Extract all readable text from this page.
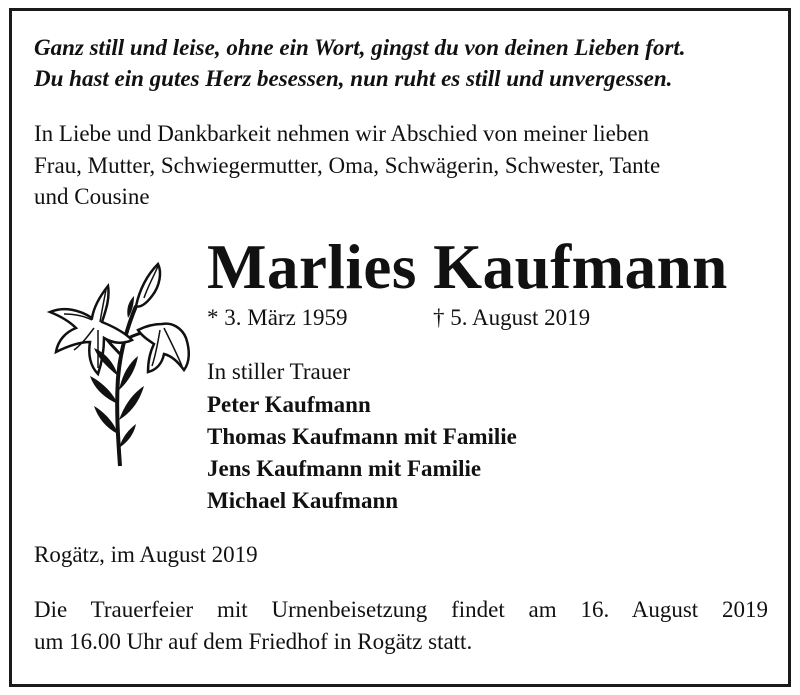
Ganz still und leise, ohne ein Wort, gingst du von deinen Lieben fort.
Du hast ein gutes Herz besessen, nun ruht es still und unvergessen.
In Liebe und Dankbarkeit nehmen wir Abschied von meiner lieben
Frau, Mutter, Schwiegermutter, Oma, Schwägerin, Schwester, Tante
und Cousine
Marlies Kaufmann
* 3. März 1959	† 5. August 2019
In stiller Trauer
Peter Kaufmann
Thomas Kaufmann mit Familie
Jens Kaufmann mit Familie
Michael Kaufmann
Rogätz, im August 2019
Die Trauerfeier mit Urnenbeisetzung findet am 16. August 2019
um 16.00 Uhr auf dem Friedhof in Rogätz statt.
